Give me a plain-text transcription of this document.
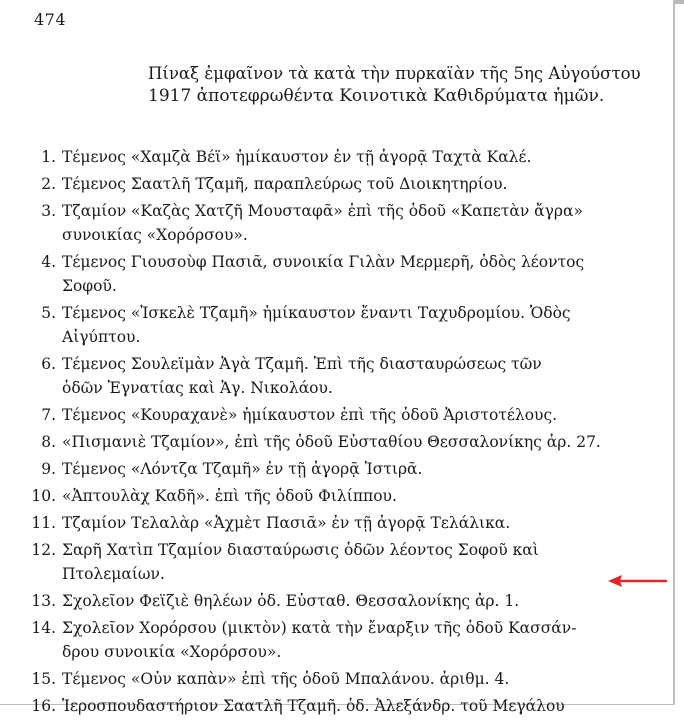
474
Πίναξ ἐμφαῖνον τὰ κατὰ τὴν πυρκαϊὰν τῆς 5ης Αὐγούστου
1917 ἀποτεφρωθέντα Κοινοτικὰ Καθιδρύματα ἡμῶν.
1. Τέμενος «Χαμζὰ Βέϊ» ἡμίκαυστον ἐν τῇ ἀγορᾷ Ταχτὰ Καλέ.
2. Τέμενος Σαατλῆ Τζαμῆ, παραπλεύρως τοῦ Διοικητηρίου.
3. Τζαμίον «Καζὰς Χατζῆ Μουσταφᾶ» ἐπὶ τῆς ὁδοῦ «Καπετὰν ἄγρα»
συνοικίας «Χορόρσου».
4. Τέμενος Γιουσοὺφ Πασιᾶ, συνοικία Γιλὰν Μερμερῆ, ὁδὸς λέοντος
Σοφοῦ.
5. Τέμενος «Ἰσκελὲ Τζαμῆ» ἡμίκαυστον ἔναντι Ταχυδρομίου. Ὁδὸς
Αἰγύπτου.
6. Τέμενος Σουλεϊμὰν Ἀγὰ Τζαμῆ. Ἐπὶ τῆς διασταυρώσεως τῶν
ὁδῶν Ἐγνατίας καὶ Ἁγ. Νικολάου.
7. Τέμενος «Κουραχανὲ» ἡμίκαυστον ἐπὶ τῆς ὁδοῦ Ἀριστοτέλους.
8. «Πισμανιὲ Τζαμίον», ἐπὶ τῆς ὁδοῦ Εὐσταθίου Θεσσαλονίκης ἀρ. 27.
9. Τέμενος «Λόντζα Τζαμῆ» ἐν τῇ ἀγορᾷ Ἰστιρᾶ.
10. «Ἀπτουλὰχ Καδῆ». ἐπὶ τῆς ὁδοῦ Φιλίππου.
11. Τζαμίον Τελαλὰρ «Ἀχμὲτ Πασιᾶ» ἐν τῇ ἀγορᾷ Τελάλικα.
12. Σαρῆ Χατὶπ Τζαμίον διασταύρωσις ὁδῶν λέοντος Σοφοῦ καὶ
Πτολεμαίων.
13. Σχολεῖον Φεϊζιὲ θηλέων ὁδ. Εὐσταθ. Θεσσαλονίκης ἀρ. 1.
14. Σχολεῖον Χορόρσου (μικτὸν) κατὰ τὴν ἔναρξιν τῆς ὁδοῦ Κασσάν-
δρου συνοικία «Χορόρσου».
15. Τέμενος «Οὐν καπὰν» ἐπὶ τῆς ὁδοῦ Μπαλάνου. ἀριθμ. 4.
16. Ἱεροσπουδαστήριον Σαατλῆ Τζαμῆ. ὁδ. Ἀλεξάνδρ. τοῦ Μεγάλου
